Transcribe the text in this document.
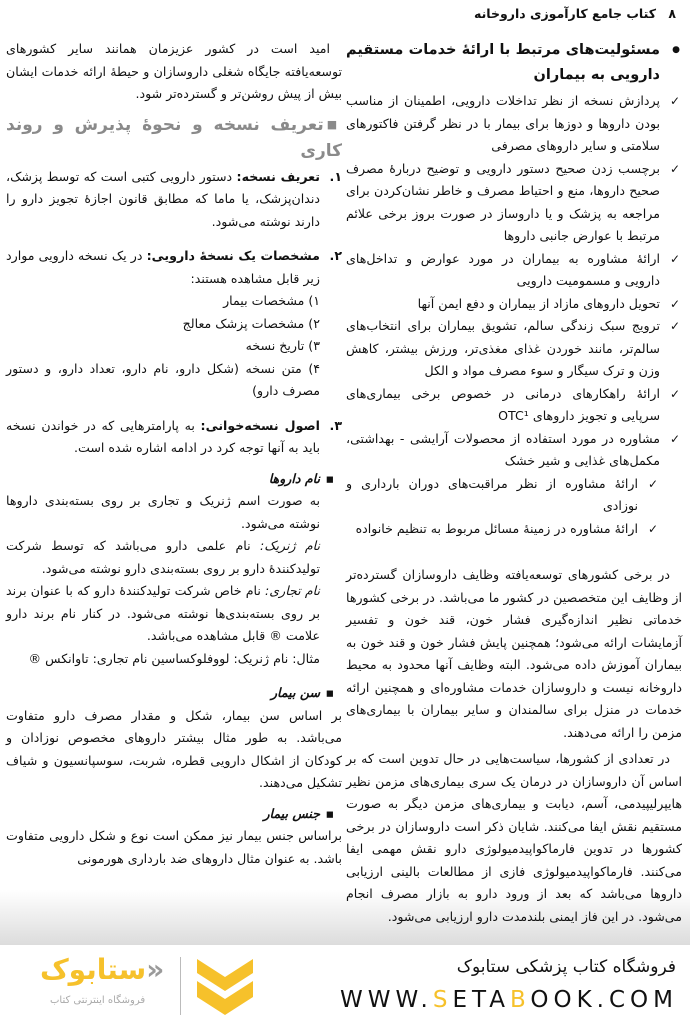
۸ کتاب جامع کارآموزی داروخانه
● مسئولیت‌های مرتبط با ارائۀ خدمات مستقیم دارویی به بیماران
✓
پردازش نسخه از نظر تداخلات دارویی، اطمینان از مناسب بودن داروها و دوزها برای بیمار با در نظر گرفتن فاکتورهای سلامتی و سایر داروهای مصرفی
✓
برچسب زدن صحیح دستور دارویی و توضیح دربارۀ مصرف صحیح داروها، منع و احتیاط مصرف و خاطر نشان‌کردن برای مراجعه به پزشک و یا داروساز در صورت بروز برخی علائم مرتبط با عوارض جانبی داروها
✓
ارائۀ مشاوره به بیماران در مورد عوارض و تداخل‌های دارویی و مسمومیت دارویی
✓
تحویل داروهای مازاد از بیماران و دفع ایمن آنها
✓
ترویج سبک زندگی سالم، تشویق بیماران برای انتخاب‌های سالم‌تر، مانند خوردن غذای مغذی‌تر، ورزش بیشتر، کاهش وزن و ترک سیگار و سوء مصرف مواد و الکل
✓
ارائۀ راهکارهای درمانی در خصوص برخی بیماری‌های سرپایی و تجویز داروهای OTC¹
✓
مشاوره در مورد استفاده از محصولات آرایشی - بهداشتی، مکمل‌های غذایی و شیر خشک
✓
ارائۀ مشاوره از نظر مراقبت‌های دوران بارداری و نوزادی
✓
ارائۀ مشاوره در زمینۀ مسائل مربوط به تنظیم خانواده

در برخی کشورهای توسعه‌یافته وظایف داروسازان گسترده‌تر از وظایف این متخصصین در کشور ما می‌باشد. در برخی کشورها خدماتی نظیر اندازه‌گیری فشار خون، قند خون و تفسیر آزمایشات ارائه می‌شود؛ همچنین پایش فشار خون و قند خون به بیماران آموزش داده می‌شود. البته وظایف آنها محدود به محیط داروخانه نیست و داروسازان خدمات مشاوره‌ای و همچنین ارائه خدمات در منزل برای سالمندان و سایر بیماران با بیماری‌های مزمن را ارائه می‌دهند.

در تعدادی از کشورها، سیاست‌هایی در حال تدوین است که بر اساس آن داروسازان در درمان یک سری بیماری‌های مزمن نظیر هایپرلیپیدمی، آسم، دیابت و بیماری‌های مزمن دیگر به صورت مستقیم نقش ایفا می‌کنند. شایان ذکر است داروسازان در برخی کشورها در تدوین فارماکواپیدمیولوژی دارو نقش مهمی ایفا می‌کنند. فارماکواپیدمیولوژی فازی از مطالعات بالینی ارزیابی داروها می‌باشد که بعد از ورود دارو به بازار مصرف انجام می‌شود. در این فاز ایمنی بلندمدت دارو ارزیابی می‌شود.

امید است در کشور عزیزمان همانند سایر کشورهای توسعه‌یافته جایگاه شغلی داروسازان و حیطۀ ارائه خدمات ایشان بیش از پیش روشن‌تر و گسترده‌تر شود.

■تعریف نسخه و نحوۀ پذیرش و روند کاری
۱.
تعریف نسخه: دستور دارویی کتبی است که توسط پزشک، دندان‌پزشک، یا ماما که مطابق قانون اجازۀ تجویز دارو را دارند نوشته می‌شود.
۲.
مشخصات یک نسخۀ دارویی: در یک نسخه دارویی موارد زیر قابل مشاهده هستند:
۱) مشخصات بیمار
۲) مشخصات پزشک معالج
۳) تاریخ نسخه
۴) متن نسخه (شکل دارو، نام دارو، تعداد دارو، و دستور مصرف دارو)
۳.
اصول نسخه‌خوانی: به پارامترهایی که در خواندن نسخه باید به آنها توجه کرد در ادامه اشاره شده است.
▪ نام داروها
به صورت اسم ژنریک و تجاری بر روی بسته‌بندی داروها نوشته می‌شود.
نام ژنریک: نام علمی دارو می‌باشد که توسط شرکت تولیدکنندۀ دارو بر روی بسته‌بندی دارو نوشته می‌شود.
نام تجاری: نام خاص شرکت تولیدکنندۀ دارو که با عنوان برند بر روی بسته‌بندی‌ها نوشته می‌شود. در کنار نام برند دارو علامت ® قابل مشاهده می‌باشد.
مثال: نام ژنریک: لووفلوکساسین نام تجاری: تاوانکس ®
▪ سن بیمار

بر اساس سن بیمار، شکل و مقدار مصرف دارو متفاوت می‌باشد. به طور مثال بیشتر داروهای مخصوص نوزادان و کودکان از اشکال دارویی قطره، شربت، سوسپانسیون و شیاف تشکیل می‌دهند.

▪ جنس بیمار

براساس جنس بیمار نیز ممکن است نوع و شکل دارویی متفاوت باشد. به عنوان مثال داروهای ضد بارداری هورمونی

«ستابوک
فروشگاه اینترنتی کتاب
فروشگاه کتاب پزشکی ستابوک
WWW.SETABOOK.COM
